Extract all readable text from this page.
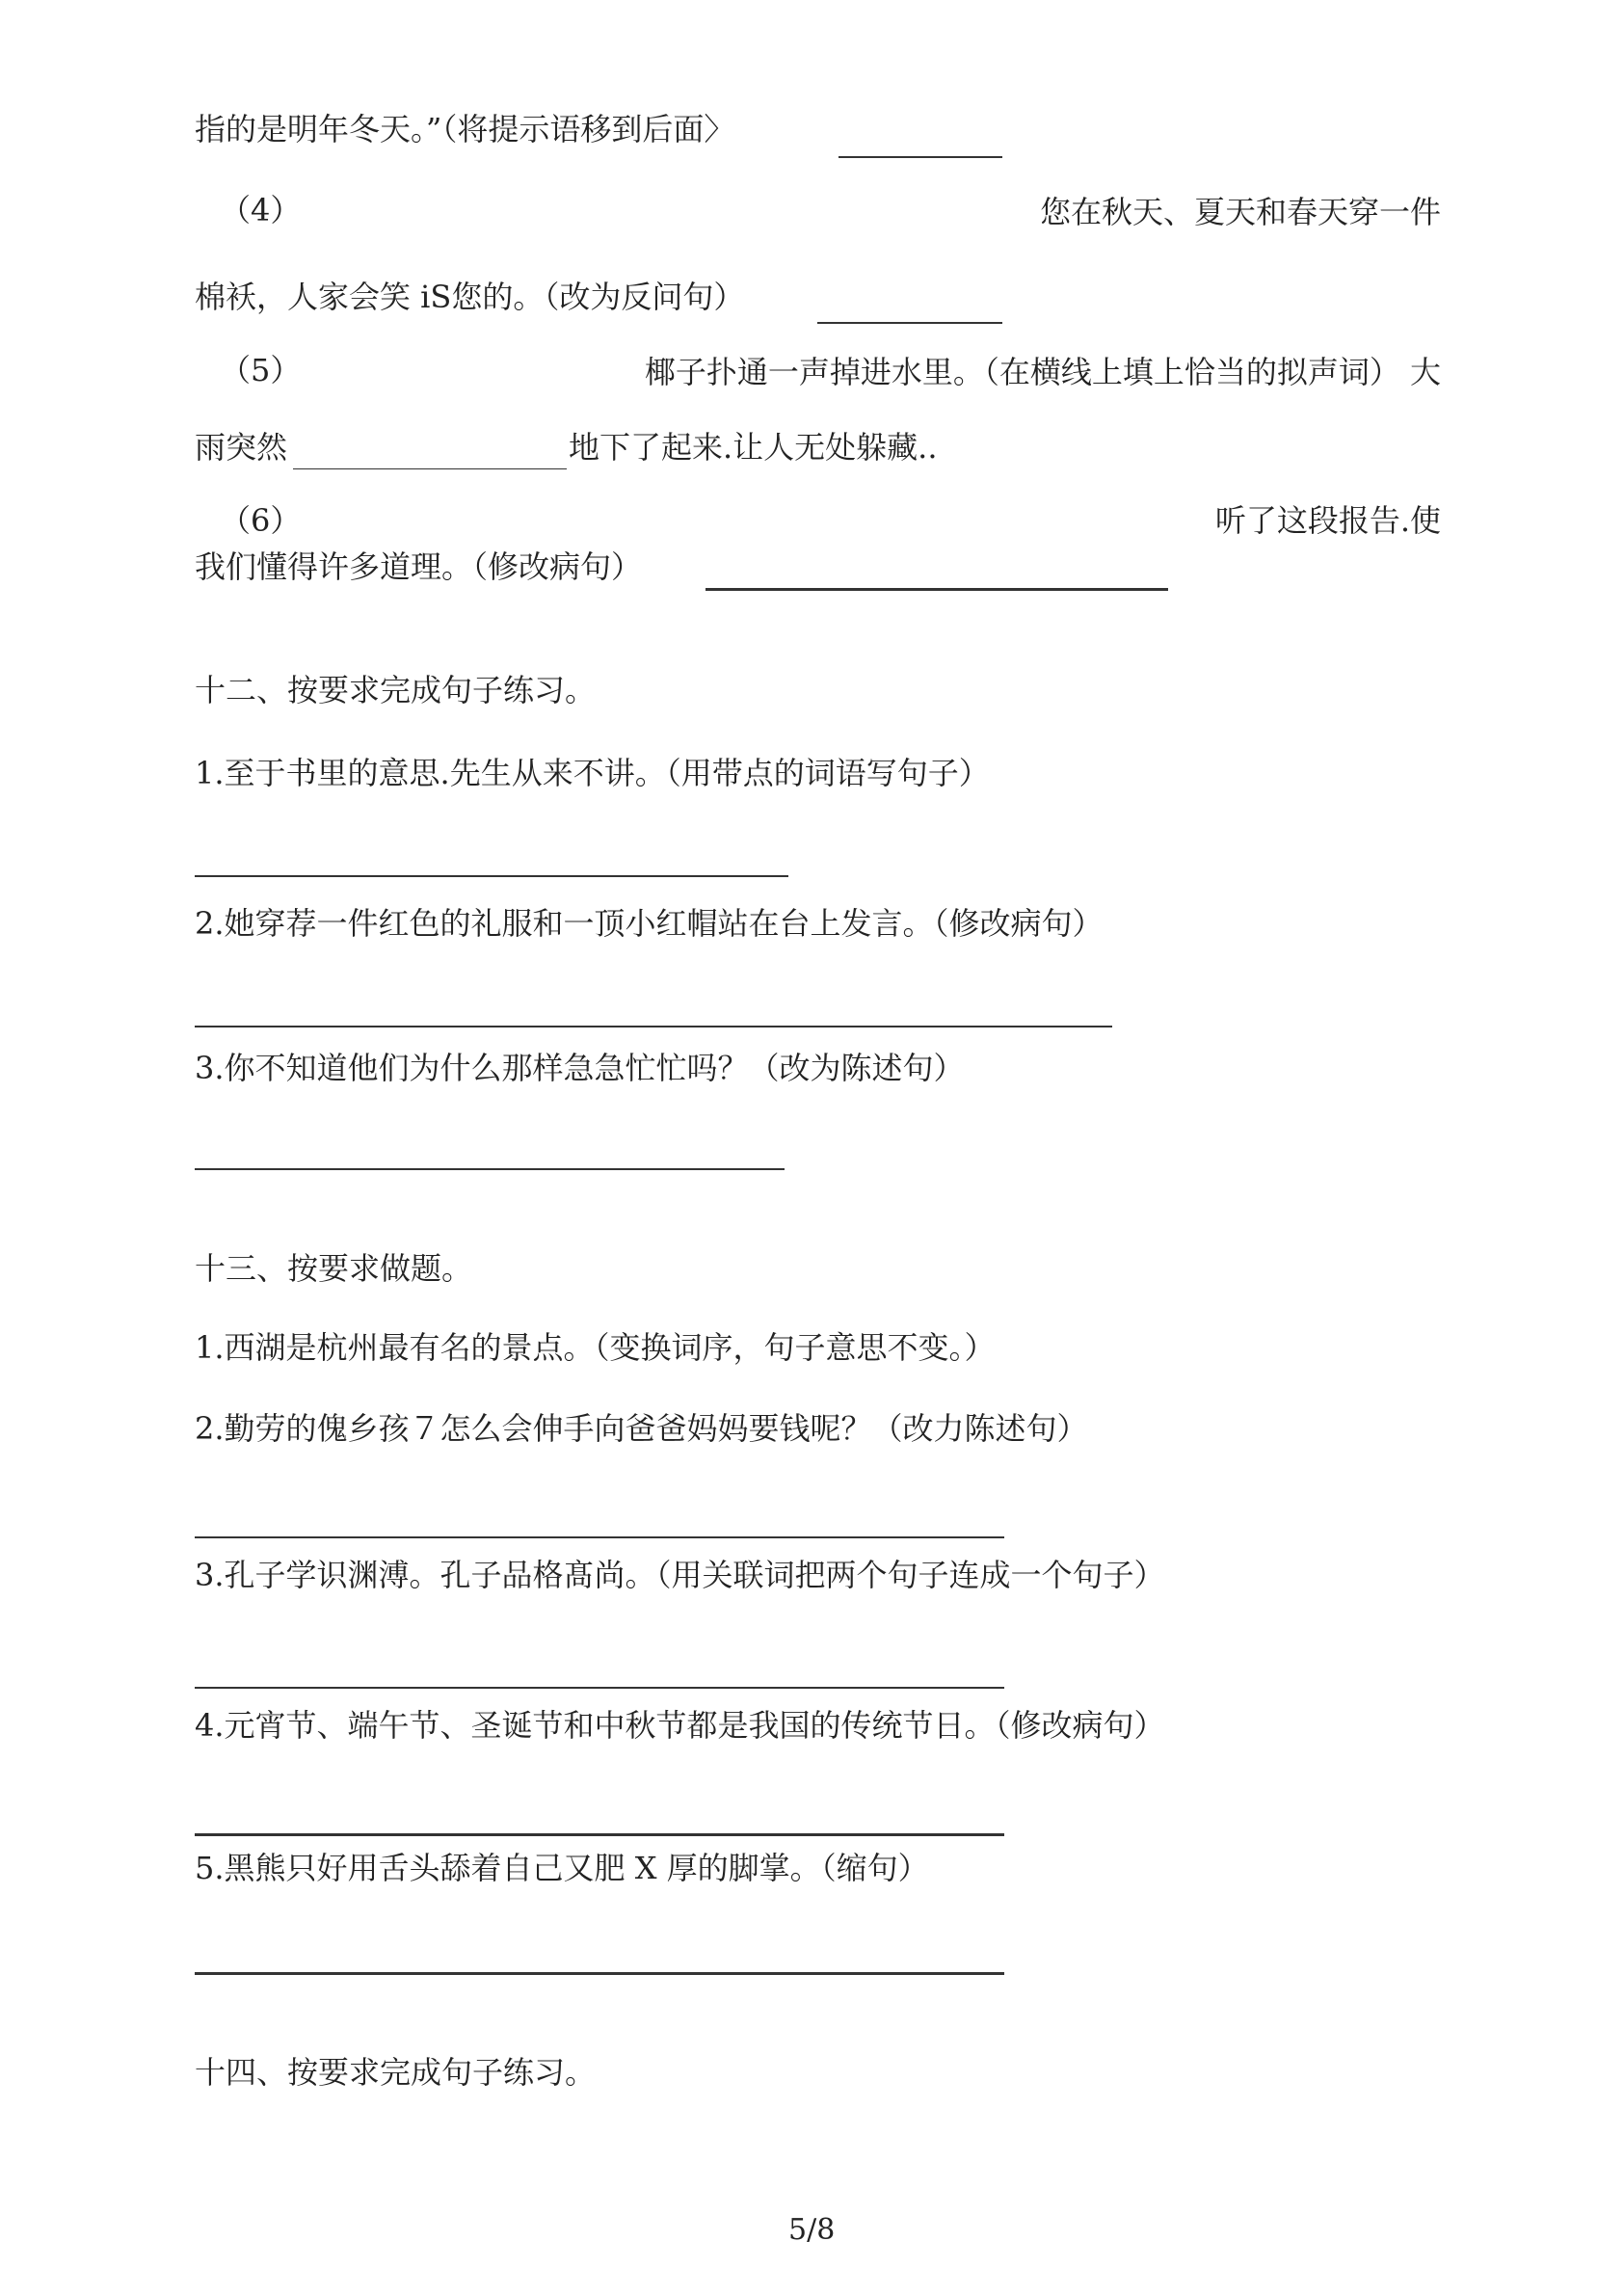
指的是明年冬天。”（将提示语移到后面〉
（4）	您在秋天、夏天和春天穿一件
棉袄，人家会笑 iS您的。（改为反问句）
（5）	椰子扑通一声掉进水里。（在横线上填上恰当的拟声词） 大
雨突然	地下了起来.让人无处躲藏..
（6）	听了这段报告.使
我们懂得许多道理。（修改病句）
十二、按要求完成句子练习。
1.至于书里的意思.先生从来不讲。（用带点的词语写句子）
2.她穿荐一件红色的礼服和一顶小红帽站在台上发言。（修改病句）
3.你不知道他们为什么那样急急忙忙吗？（改为陈述句）
十三、按要求做题。
1.西湖是杭州最有名的景点。（变换词序，句子意思不变。）
2.勤劳的傀乡孩７怎么会伸手向爸爸妈妈要钱呢？（改力陈述句）
3.孔子学识渊溥。孔子品格髙尚。（用关联词把两个句子连成一个句子）
4.元宵节、端午节、圣诞节和中秋节都是我国的传统节日。（修改病句）
5.黑熊只好用舌头舔着自己又肥 X 厚的脚掌。（缩句）
十四、按要求完成句子练习。
5/8
